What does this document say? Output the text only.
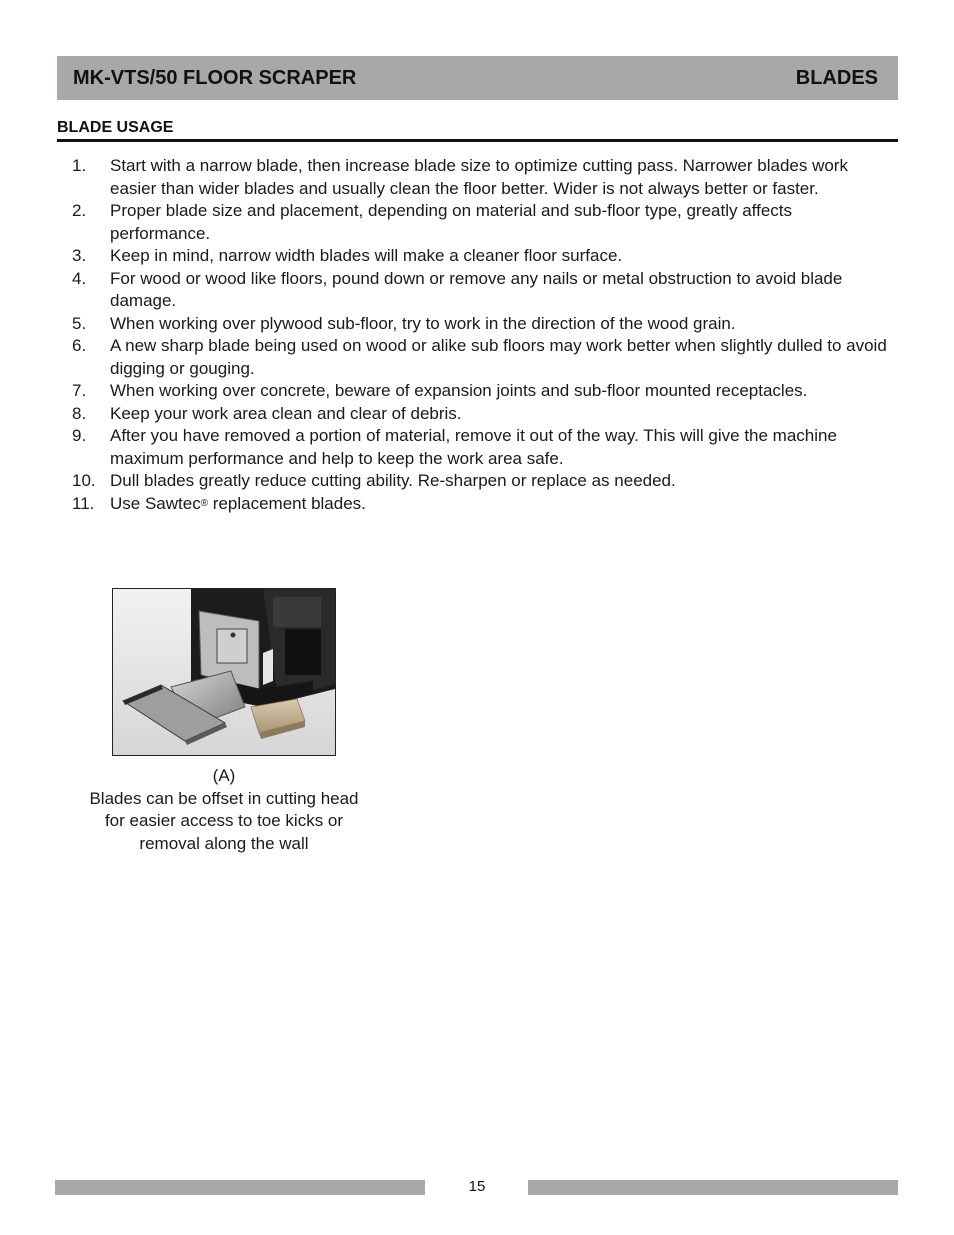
MK-VTS/50 FLOOR SCRAPER	BLADES
BLADE USAGE
1.	Start with a narrow blade, then increase blade size to optimize cutting pass. Narrower blades work easier than wider blades and usually clean the floor better. Wider is not always better or faster.
2.	Proper blade size and placement, depending on material and sub-floor type, greatly affects performance.
3.	Keep in mind, narrow width blades will make a cleaner floor surface.
4.	For wood or wood like floors, pound down or remove any nails or metal obstruction to avoid blade damage.
5.	When working over plywood sub-floor, try to work in the direction of the wood grain.
6.	A new sharp blade being used on wood or alike sub floors may work better when slightly dulled to avoid digging or gouging.
7.	When working over concrete, beware of expansion joints and sub-floor mounted receptacles.
8.	Keep your work area clean and clear of debris.
9.	After you have removed a portion of material, remove it out of the way. This will give the machine maximum performance and help to keep the work area safe.
10. Dull blades greatly reduce cutting ability. Re-sharpen or replace as needed.
11. Use Sawtec® replacement blades.
(A)
Blades can be offset in cutting head for easier access to toe kicks or removal along the wall
15
